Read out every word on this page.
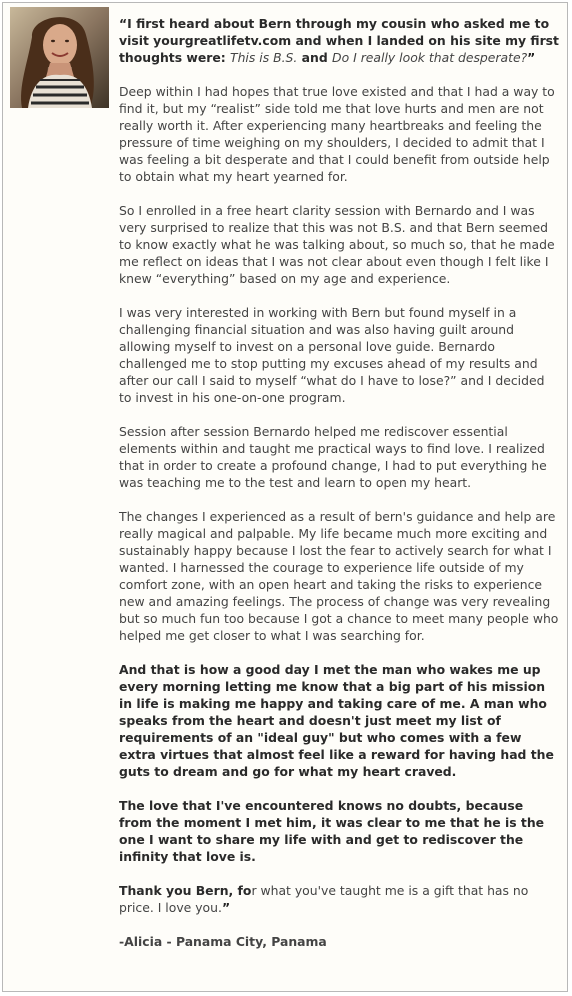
“I first heard about Bern through my cousin who asked me to visit yourgreatlifetv.com and when I landed on his site my first thoughts were: This is B.S. and Do I really look that desperate?”

Deep within I had hopes that true love existed and that I had a way to find it, but my “realist” side told me that love hurts and men are not really worth it. After experiencing many heartbreaks and feeling the pressure of time weighing on my shoulders, I decided to admit that I was feeling a bit desperate and that I could benefit from outside help to obtain what my heart yearned for.

So I enrolled in a free heart clarity session with Bernardo and I was very surprised to realize that this was not B.S. and that Bern seemed to know exactly what he was talking about, so much so, that he made me reflect on ideas that I was not clear about even though I felt like I knew “everything” based on my age and experience.

I was very interested in working with Bern but found myself in a challenging financial situation and was also having guilt around allowing myself to invest on a personal love guide. Bernardo challenged me to stop putting my excuses ahead of my results and after our call I said to myself “what do I have to lose?” and I decided to invest in his one-on-one program.

Session after session Bernardo helped me rediscover essential elements within and taught me practical ways to find love. I realized that in order to create a profound change, I had to put everything he was teaching me to the test and learn to open my heart.

The changes I experienced as a result of bern's guidance and help are really magical and palpable. My life became much more exciting and sustainably happy because I lost the fear to actively search for what I wanted. I harnessed the courage to experience life outside of my comfort zone, with an open heart and taking the risks to experience new and amazing feelings. The process of change was very revealing but so much fun too because I got a chance to meet many people who helped me get closer to what I was searching for.

And that is how a good day I met the man who wakes me up every morning letting me know that a big part of his mission in life is making me happy and taking care of me. A man who speaks from the heart and doesn't just meet my list of requirements of an "ideal guy" but who comes with a few extra virtues that almost feel like a reward for having had the guts to dream and go for what my heart craved.

The love that I've encountered knows no doubts, because from the moment I met him, it was clear to me that he is the one I want to share my life with and get to rediscover the infinity that love is.

Thank you Bern, for what you've taught me is a gift that has no price. I love you.”

-Alicia - Panama City, Panama
